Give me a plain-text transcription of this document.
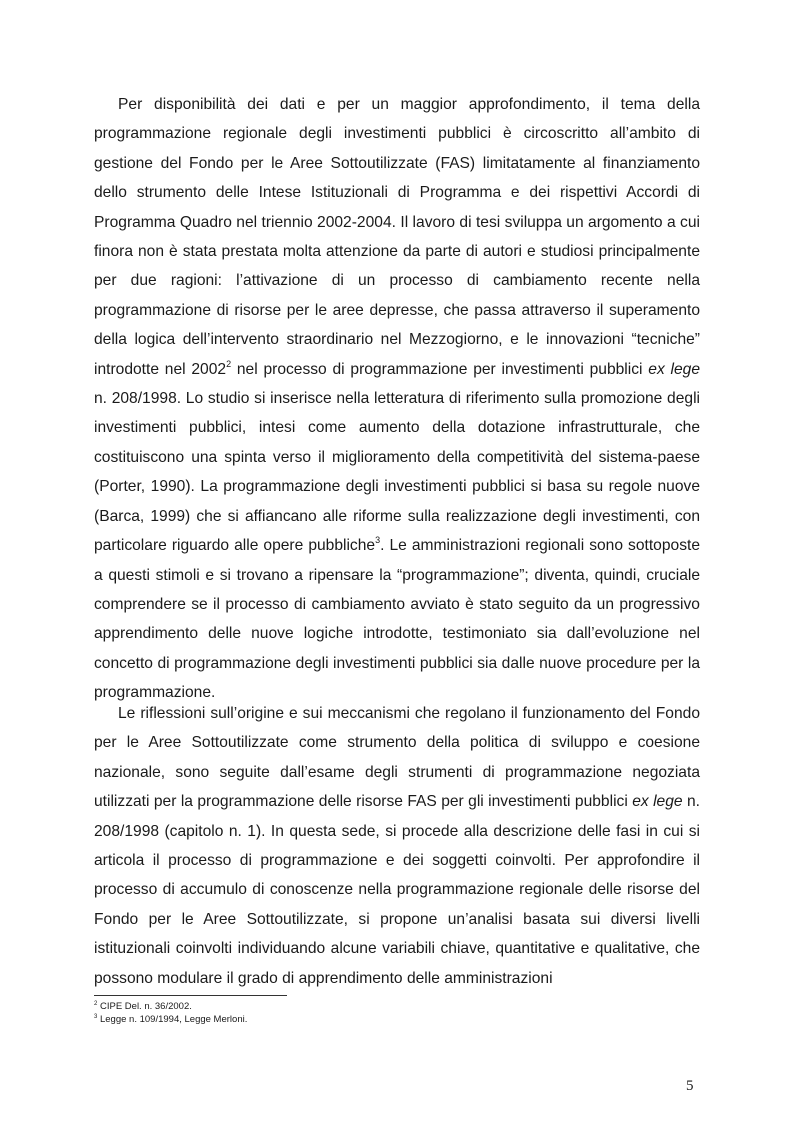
Per disponibilità dei dati e per un maggior approfondimento, il tema della programmazione regionale degli investimenti pubblici è circoscritto all’ambito di gestione del Fondo per le Aree Sottoutilizzate (FAS) limitatamente al finanziamento dello strumento delle Intese Istituzionali di Programma e dei rispettivi Accordi di Programma Quadro nel triennio 2002-2004. Il lavoro di tesi sviluppa un argomento a cui finora non è stata prestata molta attenzione da parte di autori e studiosi principalmente per due ragioni: l’attivazione di un processo di cambiamento recente nella programmazione di risorse per le aree depresse, che passa attraverso il superamento della logica dell’intervento straordinario nel Mezzogiorno, e le innovazioni “tecniche” introdotte nel 2002$^2$ nel processo di programmazione per investimenti pubblici ex lege n. 208/1998. Lo studio si inserisce nella letteratura di riferimento sulla promozione degli investimenti pubblici, intesi come aumento della dotazione infrastrutturale, che costituiscono una spinta verso il miglioramento della competitività del sistema-paese (Porter, 1990). La programmazione degli investimenti pubblici si basa su regole nuove (Barca, 1999) che si affiancano alle riforme sulla realizzazione degli investimenti, con particolare riguardo alle opere pubbliche$^3$. Le amministrazioni regionali sono sottoposte a questi stimoli e si trovano a ripensare la “programmazione”; diventa, quindi, cruciale comprendere se il processo di cambiamento avviato è stato seguito da un progressivo apprendimento delle nuove logiche introdotte, testimoniato sia dall’evoluzione nel concetto di programmazione degli investimenti pubblici sia dalle nuove procedure per la programmazione.

Le riflessioni sull’origine e sui meccanismi che regolano il funzionamento del Fondo per le Aree Sottoutilizzate come strumento della politica di sviluppo e coesione nazionale, sono seguite dall’esame degli strumenti di programmazione negoziata utilizzati per la programmazione delle risorse FAS per gli investimenti pubblici ex lege n. 208/1998 (capitolo n. 1). In questa sede, si procede alla descrizione delle fasi in cui si articola il processo di programmazione e dei soggetti coinvolti. Per approfondire il processo di accumulo di conoscenze nella programmazione regionale delle risorse del Fondo per le Aree Sottoutilizzate, si propone un’analisi basata sui diversi livelli istituzionali coinvolti individuando alcune variabili chiave, quantitative e qualitative, che possono modulare il grado di apprendimento delle amministrazioni

$^2$ CIPE Del. n. 36/2002.

$^3$ Legge n. 109/1994, Legge Merloni.

5
